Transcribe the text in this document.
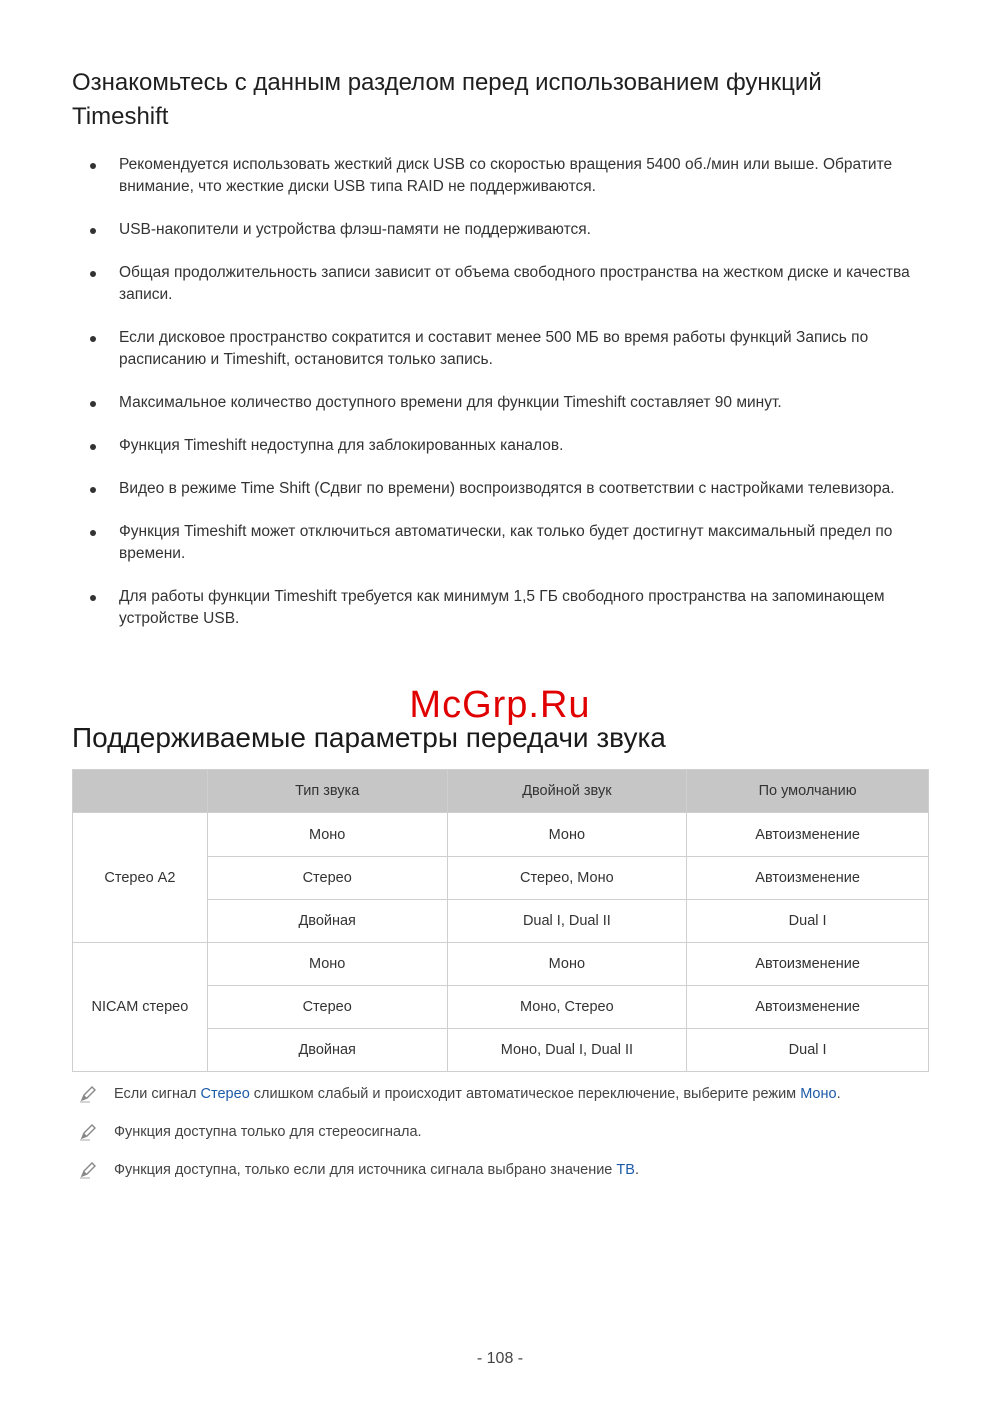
Ознакомьтесь с данным разделом перед использованием функций
Timeshift
Рекомендуется использовать жесткий диск USB со скоростью вращения 5400 об./мин или выше. Обратите внимание, что жесткие диски USB типа RAID не поддерживаются.
USB-накопители и устройства флэш-памяти не поддерживаются.
Общая продолжительность записи зависит от объема свободного пространства на жестком диске и качества записи.
Если дисковое пространство сократится и составит менее 500 МБ во время работы функций Запись по расписанию и Timeshift, остановится только запись.
Максимальное количество доступного времени для функции Timeshift составляет 90 минут.
Функция Timeshift недоступна для заблокированных каналов.
Видео в режиме Time Shift (Сдвиг по времени) воспроизводятся в соответствии с настройками телевизора.
Функция Timeshift может отключиться автоматически, как только будет достигнут максимальный предел по времени.
Для работы функции Timeshift требуется как минимум 1,5 ГБ свободного пространства на запоминающем устройстве USB.
McGrp.Ru
Поддерживаемые параметры передачи звука
	Тип звука	Двойной звук	По умолчанию
Стерео A2	Моно	Моно	Автоизменение
	Стерео	Стерео, Моно	Автоизменение
	Двойная	Dual I, Dual II	Dual I
NICAM стерео	Моно	Моно	Автоизменение
	Стерео	Моно, Стерео	Автоизменение
	Двойная	Моно, Dual I, Dual II	Dual I
Если сигнал Стерео слишком слабый и происходит автоматическое переключение, выберите режим Моно.
Функция доступна только для стереосигнала.
Функция доступна, только если для источника сигнала выбрано значение ТВ.
- 108 -
